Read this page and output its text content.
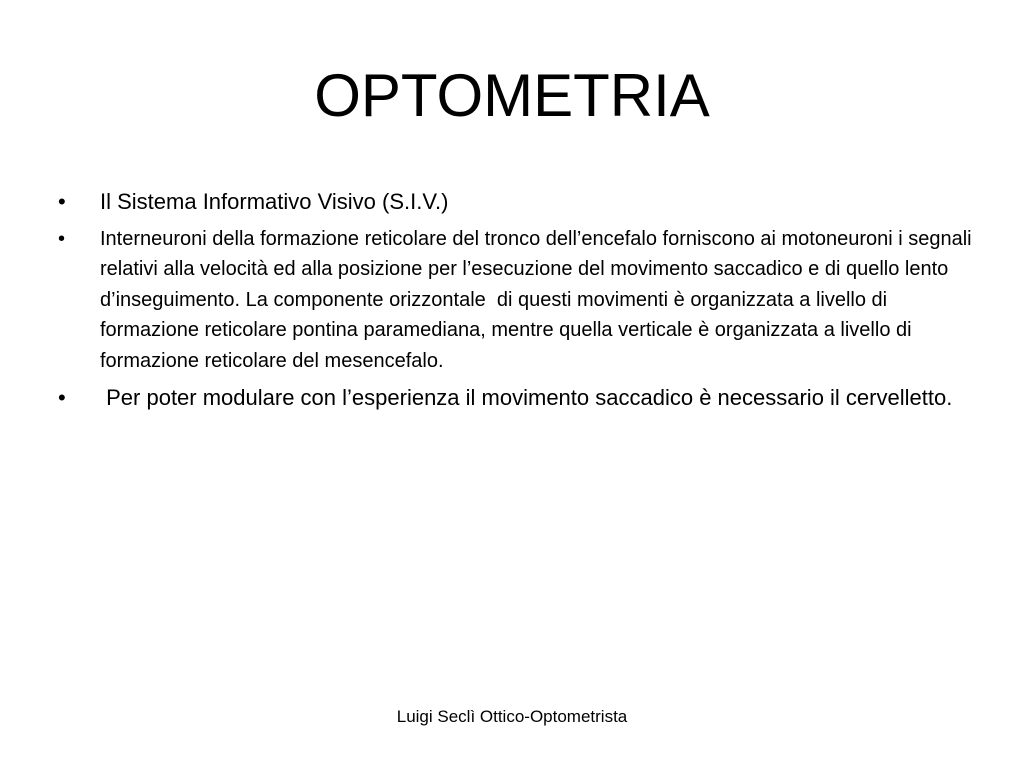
OPTOMETRIA
• Il Sistema Informativo Visivo (S.I.V.)
• Interneuroni della formazione reticolare del tronco dell’encefalo forniscono ai motoneuroni i segnali relativi alla velocità ed alla posizione per l’esecuzione del movimento saccadico e di quello lento d’inseguimento. La componente orizzontale  di questi movimenti è organizzata a livello di formazione reticolare pontina paramediana, mentre quella verticale è organizzata a livello di formazione reticolare del mesencefalo.
• Per poter modulare con l’esperienza il movimento saccadico è necessario il cervelletto.
Luigi Seclì Ottico-Optometrista
